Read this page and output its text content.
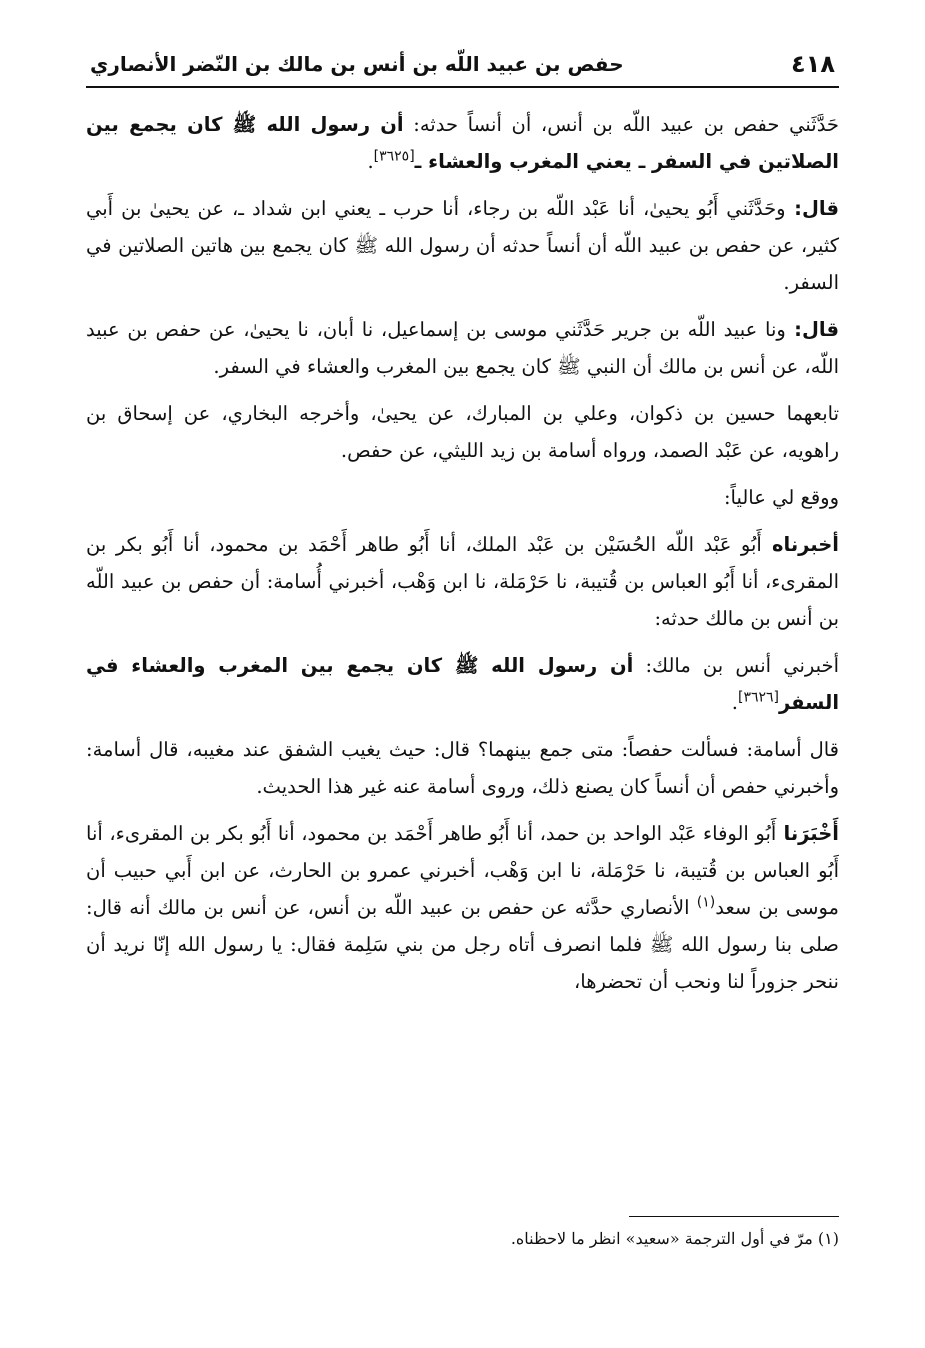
٤١٨
حفص بن عبيد اللّه بن أنس بن مالك بن النّضر الأنصاري

حَدَّثَني حفص بن عبيد اللّه بن أنس، أن أنساً حدثه: أن رسول الله ﷺ كان يجمع بين الصلاتين في السفر ـ يعني المغرب والعشاء ـ[٣٦٢٥].

قال: وحَدَّثَني أَبُو يحيىٰ، أنا عَبْد اللّه بن رجاء، أنا حرب ـ يعني ابن شداد ـ، عن يحيىٰ بن أَبي كثير، عن حفص بن عبيد اللّه أن أنساً حدثه أن رسول الله ﷺ كان يجمع بين هاتين الصلاتين في السفر.

قال: ونا عبيد اللّه بن جرير حَدَّثَني موسى بن إسماعيل، نا أبان، نا يحيىٰ، عن حفص بن عبيد اللّه، عن أنس بن مالك أن النبي ﷺ كان يجمع بين المغرب والعشاء في السفر.

تابعهما حسين بن ذكوان، وعلي بن المبارك، عن يحيىٰ، وأخرجه البخاري، عن إسحاق بن راهويه، عن عَبْد الصمد، ورواه أسامة بن زيد الليثي، عن حفص.

ووقع لي عالياً:

أخبرناه أَبُو عَبْد اللّه الحُسَيْن بن عَبْد الملك، أنا أَبُو طاهر أَحْمَد بن محمود، أنا أَبُو بكر بن المقرىء، أنا أَبُو العباس بن قُتيبة، نا حَرْمَلة، نا ابن وَهْب، أخبرني أُسامة: أن حفص بن عبيد اللّه بن أنس بن مالك حدثه:

أخبرني أنس بن مالك: أن رسول الله ﷺ كان يجمع بين المغرب والعشاء في السفر[٣٦٢٦].

قال أسامة: فسألت حفصاً: متى جمع بينهما؟ قال: حيث يغيب الشفق عند مغيبه، قال أسامة: وأخبرني حفص أن أنساً كان يصنع ذلك، وروى أسامة عنه غير هذا الحديث.

أَخْبَرَنا أَبُو الوفاء عَبْد الواحد بن حمد، أنا أَبُو طاهر أَحْمَد بن محمود، أنا أَبُو بكر بن المقرىء، أنا أَبُو العباس بن قُتيبة، نا حَرْمَلة، نا ابن وَهْب، أخبرني عمرو بن الحارث، عن ابن أَبي حبيب أن موسى بن سعد$^{(١)}$ الأنصاري حدَّثه عن حفص بن عبيد اللّه بن أنس، عن أنس بن مالك أنه قال: صلى بنا رسول الله ﷺ فلما انصرف أتاه رجل من بني سَلِمة فقال: يا رسول الله إنّا نريد أن ننحر جزوراً لنا ونحب أن تحضرها،

(١) مرّ في أول الترجمة «سعيد» انظر ما لاحظناه.
